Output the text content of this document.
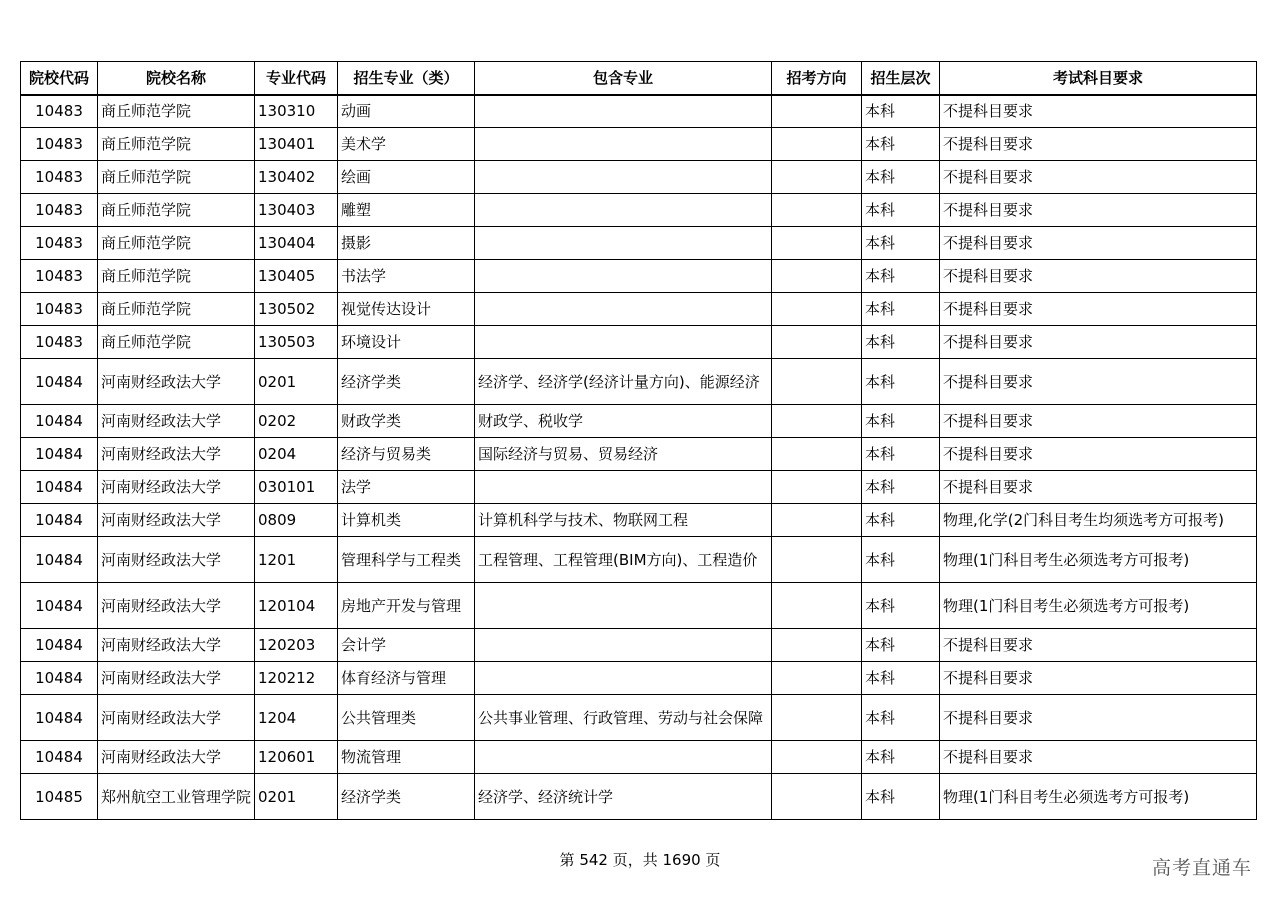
院校代码	院校名称	专业代码	招生专业（类）	包含专业	招考方向	招生层次	考试科目要求
10483	商丘师范学院	130310	动画			本科	不提科目要求
10483	商丘师范学院	130401	美术学			本科	不提科目要求
10483	商丘师范学院	130402	绘画			本科	不提科目要求
10483	商丘师范学院	130403	雕塑			本科	不提科目要求
10483	商丘师范学院	130404	摄影			本科	不提科目要求
10483	商丘师范学院	130405	书法学			本科	不提科目要求
10483	商丘师范学院	130502	视觉传达设计			本科	不提科目要求
10483	商丘师范学院	130503	环境设计			本科	不提科目要求
10484	河南财经政法大学	0201	经济学类	经济学、经济学(经济计量方向)、能源经济		本科	不提科目要求
10484	河南财经政法大学	0202	财政学类	财政学、税收学		本科	不提科目要求
10484	河南财经政法大学	0204	经济与贸易类	国际经济与贸易、贸易经济		本科	不提科目要求
10484	河南财经政法大学	030101	法学			本科	不提科目要求
10484	河南财经政法大学	0809	计算机类	计算机科学与技术、物联网工程		本科	物理,化学(2门科目考生均须选考方可报考)
10484	河南财经政法大学	1201	管理科学与工程类	工程管理、工程管理(BIM方向)、工程造价		本科	物理(1门科目考生必须选考方可报考)
10484	河南财经政法大学	120104	房地产开发与管理			本科	物理(1门科目考生必须选考方可报考)
10484	河南财经政法大学	120203	会计学			本科	不提科目要求
10484	河南财经政法大学	120212	体育经济与管理			本科	不提科目要求
10484	河南财经政法大学	1204	公共管理类	公共事业管理、行政管理、劳动与社会保障		本科	不提科目要求
10484	河南财经政法大学	120601	物流管理			本科	不提科目要求
10485	郑州航空工业管理学院	0201	经济学类	经济学、经济统计学		本科	物理(1门科目考生必须选考方可报考)
第 542 页，共 1690 页	高考直通车
